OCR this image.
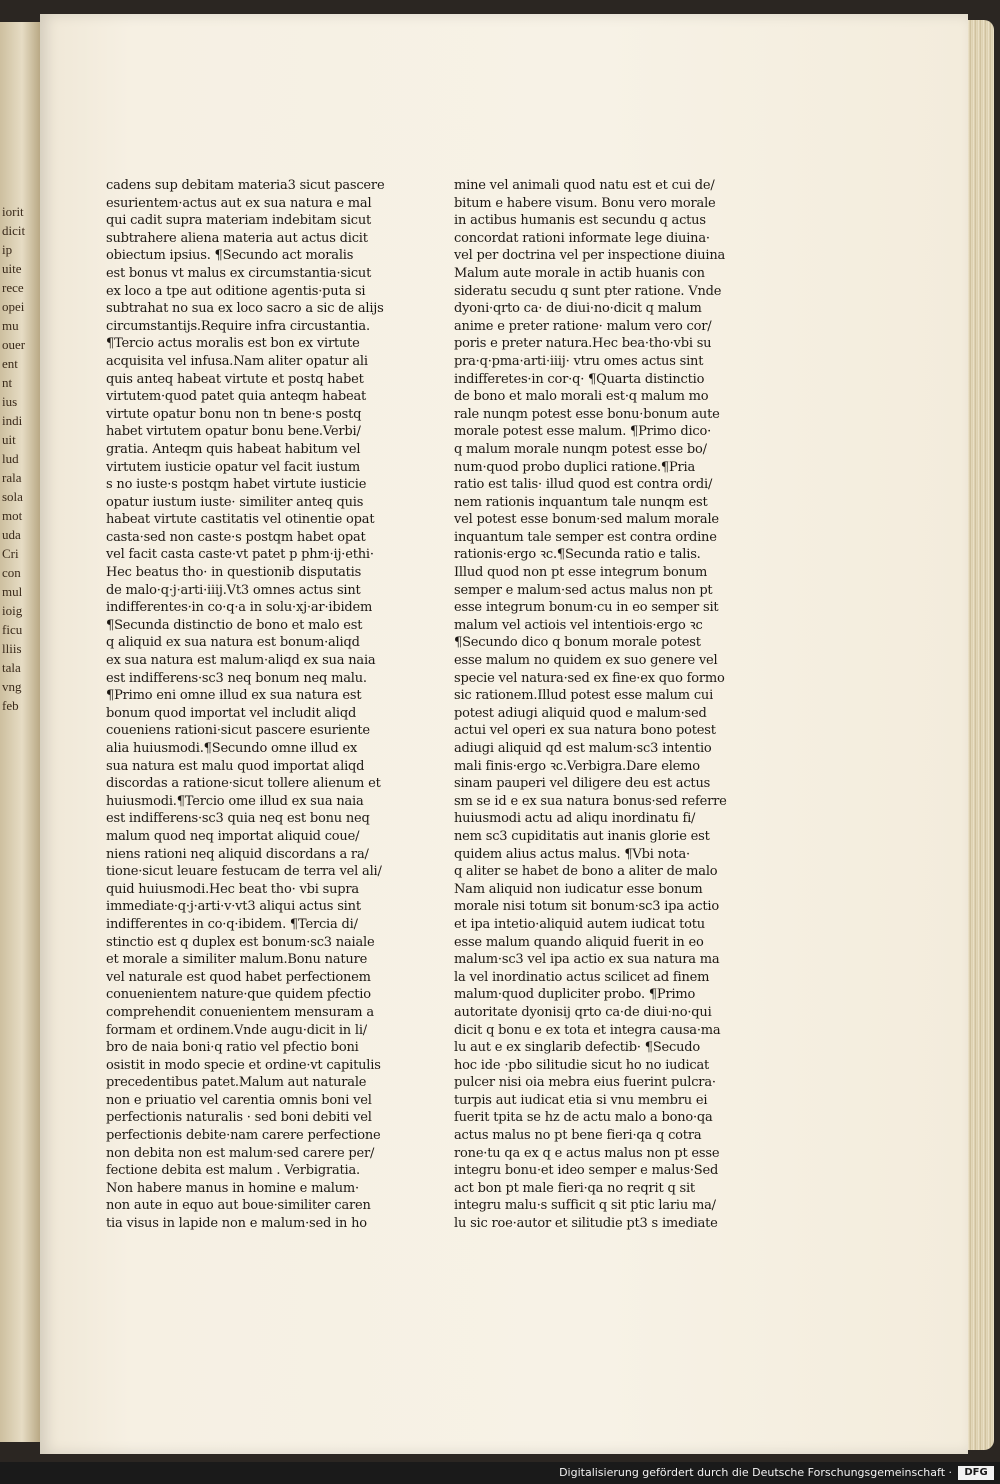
iorit
dicit
ip
uite
rece
opei
mu
ouer
ent
nt
ius
indi
uit
lud
rala
sola
mot
uda
Cri
con
mul
ioig
ficu
lliis
tala
vng
feb
cadens sup debitam materia3 sicut pascere
esurientem·actus aut ex sua natura e mal
qui cadit supra materiam indebitam sicut
subtrahere aliena materia aut actus dicit
obiectum ipsius. ¶Secundo act moralis
est bonus vt malus ex circumstantia·sicut
ex loco a tpe aut oditione agentis·puta si
subtrahat no sua ex loco sacro a sic de alijs
circumstantijs.Require infra circustantia.
¶Tercio actus moralis est bon ex virtute
acquisita vel infusa.Nam aliter opatur ali
quis anteq habeat virtute et postq habet
virtutem·quod patet quia anteqm habeat
virtute opatur bonu non tn bene·s postq
habet virtutem opatur bonu bene.Verbi/
gratia. Anteqm quis habeat habitum vel
virtutem iusticie opatur vel facit iustum
s no iuste·s postqm habet virtute iusticie
opatur iustum iuste· similiter anteq quis
habeat virtute castitatis vel otinentie opat
casta·sed non caste·s postqm habet opat
vel facit casta caste·vt patet p phm·ij·ethi·
Hec beatus tho· in questionib disputatis
de malo·q·j·arti·iiij.Vt3 omnes actus sint
indifferentes·in co·q·a in solu·xj·ar·ibidem
¶Secunda distinctio de bono et malo est
q aliquid ex sua natura est bonum·aliqd
ex sua natura est malum·aliqd ex sua naia
est indifferens·sc3 neq bonum neq malu.
¶Primo eni omne illud ex sua natura est
bonum quod importat vel includit aliqd
coueniens rationi·sicut pascere esuriente
alia huiusmodi.¶Secundo omne illud ex
sua natura est malu quod importat aliqd
discordas a ratione·sicut tollere alienum et
huiusmodi.¶Tercio ome illud ex sua naia
est indifferens·sc3 quia neq est bonu neq
malum quod neq importat aliquid coue/
niens rationi neq aliquid discordans a ra/
tione·sicut leuare festucam de terra vel ali/
quid huiusmodi.Hec beat tho· vbi supra
immediate·q·j·arti·v·vt3 aliqui actus sint
indifferentes in co·q·ibidem. ¶Tercia di/
stinctio est q duplex est bonum·sc3 naiale
et morale a similiter malum.Bonu nature
vel naturale est quod habet perfectionem
conuenientem nature·que quidem pfectio
comprehendit conuenientem mensuram a
formam et ordinem.Vnde augu·dicit in li/
bro de naia boni·q ratio vel pfectio boni
osistit in modo specie et ordine·vt capitulis
precedentibus patet.Malum aut naturale
non e priuatio vel carentia omnis boni vel
perfectionis naturalis · sed boni debiti vel
perfectionis debite·nam carere perfectione
non debita non est malum·sed carere per/
fectione debita est malum . Verbigratia.
Non habere manus in homine e malum·
non aute in equo aut boue·similiter caren
tia visus in lapide non e malum·sed in ho
mine vel animali quod natu est et cui de/
bitum e habere visum. Bonu vero morale
in actibus humanis est secundu q actus
concordat rationi informate lege diuina·
vel per doctrina vel per inspectione diuina
Malum aute morale in actib huanis con
sideratu secudu q sunt pter ratione. Vnde
dyoni·qrto ca· de diui·no·dicit q malum
anime e preter ratione· malum vero cor/
poris e preter natura.Hec bea·tho·vbi su
pra·q·pma·arti·iiij· vtru omes actus sint
indifferetes·in cor·q· ¶Quarta distinctio
de bono et malo morali est·q malum mo
rale nunqm potest esse bonu·bonum aute
morale potest esse malum. ¶Primo dico·
q malum morale nunqm potest esse bo/
num·quod probo duplici ratione.¶Pria
ratio est talis· illud quod est contra ordi/
nem rationis inquantum tale nunqm est
vel potest esse bonum·sed malum morale
inquantum tale semper est contra ordine
rationis·ergo ꝛc.¶Secunda ratio e talis.
Illud quod non pt esse integrum bonum
semper e malum·sed actus malus non pt
esse integrum bonum·cu in eo semper sit
malum vel actiois vel intentiois·ergo ꝛc
¶Secundo dico q bonum morale potest
esse malum no quidem ex suo genere vel
specie vel natura·sed ex fine·ex quo formo
sic rationem.Illud potest esse malum cui
potest adiugi aliquid quod e malum·sed
actui vel operi ex sua natura bono potest
adiugi aliquid qd est malum·sc3 intentio
mali finis·ergo ꝛc.Verbigra.Dare elemo
sinam pauperi vel diligere deu est actus
sm se id e ex sua natura bonus·sed referre
huiusmodi actu ad aliqu inordinatu fi/
nem sc3 cupiditatis aut inanis glorie est
quidem alius actus malus. ¶Vbi nota·
q aliter se habet de bono a aliter de malo
Nam aliquid non iudicatur esse bonum
morale nisi totum sit bonum·sc3 ipa actio
et ipa intetio·aliquid autem iudicat totu
esse malum quando aliquid fuerit in eo
malum·sc3 vel ipa actio ex sua natura ma
la vel inordinatio actus scilicet ad finem
malum·quod dupliciter probo. ¶Primo
autoritate dyonisij qrto ca·de diui·no·qui
dicit q bonu e ex tota et integra causa·ma
lu aut e ex singlarib defectib· ¶Secudo
hoc ide ·pbo silitudie sicut ho no iudicat
pulcer nisi oia mebra eius fuerint pulcra·
turpis aut iudicat etia si vnu membru ei
fuerit tpita se hz de actu malo a bono·qa
actus malus no pt bene fieri·qa q cotra
rone·tu qa ex q e actus malus non pt esse
integru bonu·et ideo semper e malus·Sed
act bon pt male fieri·qa no reqrit q sit
integru malu·s sufficit q sit ptic lariu ma/
lu sic roe·autor et silitudie pt3 s imediate
Digitalisierung gefördert durch die Deutsche Forschungsgemeinschaft ·	DFG
